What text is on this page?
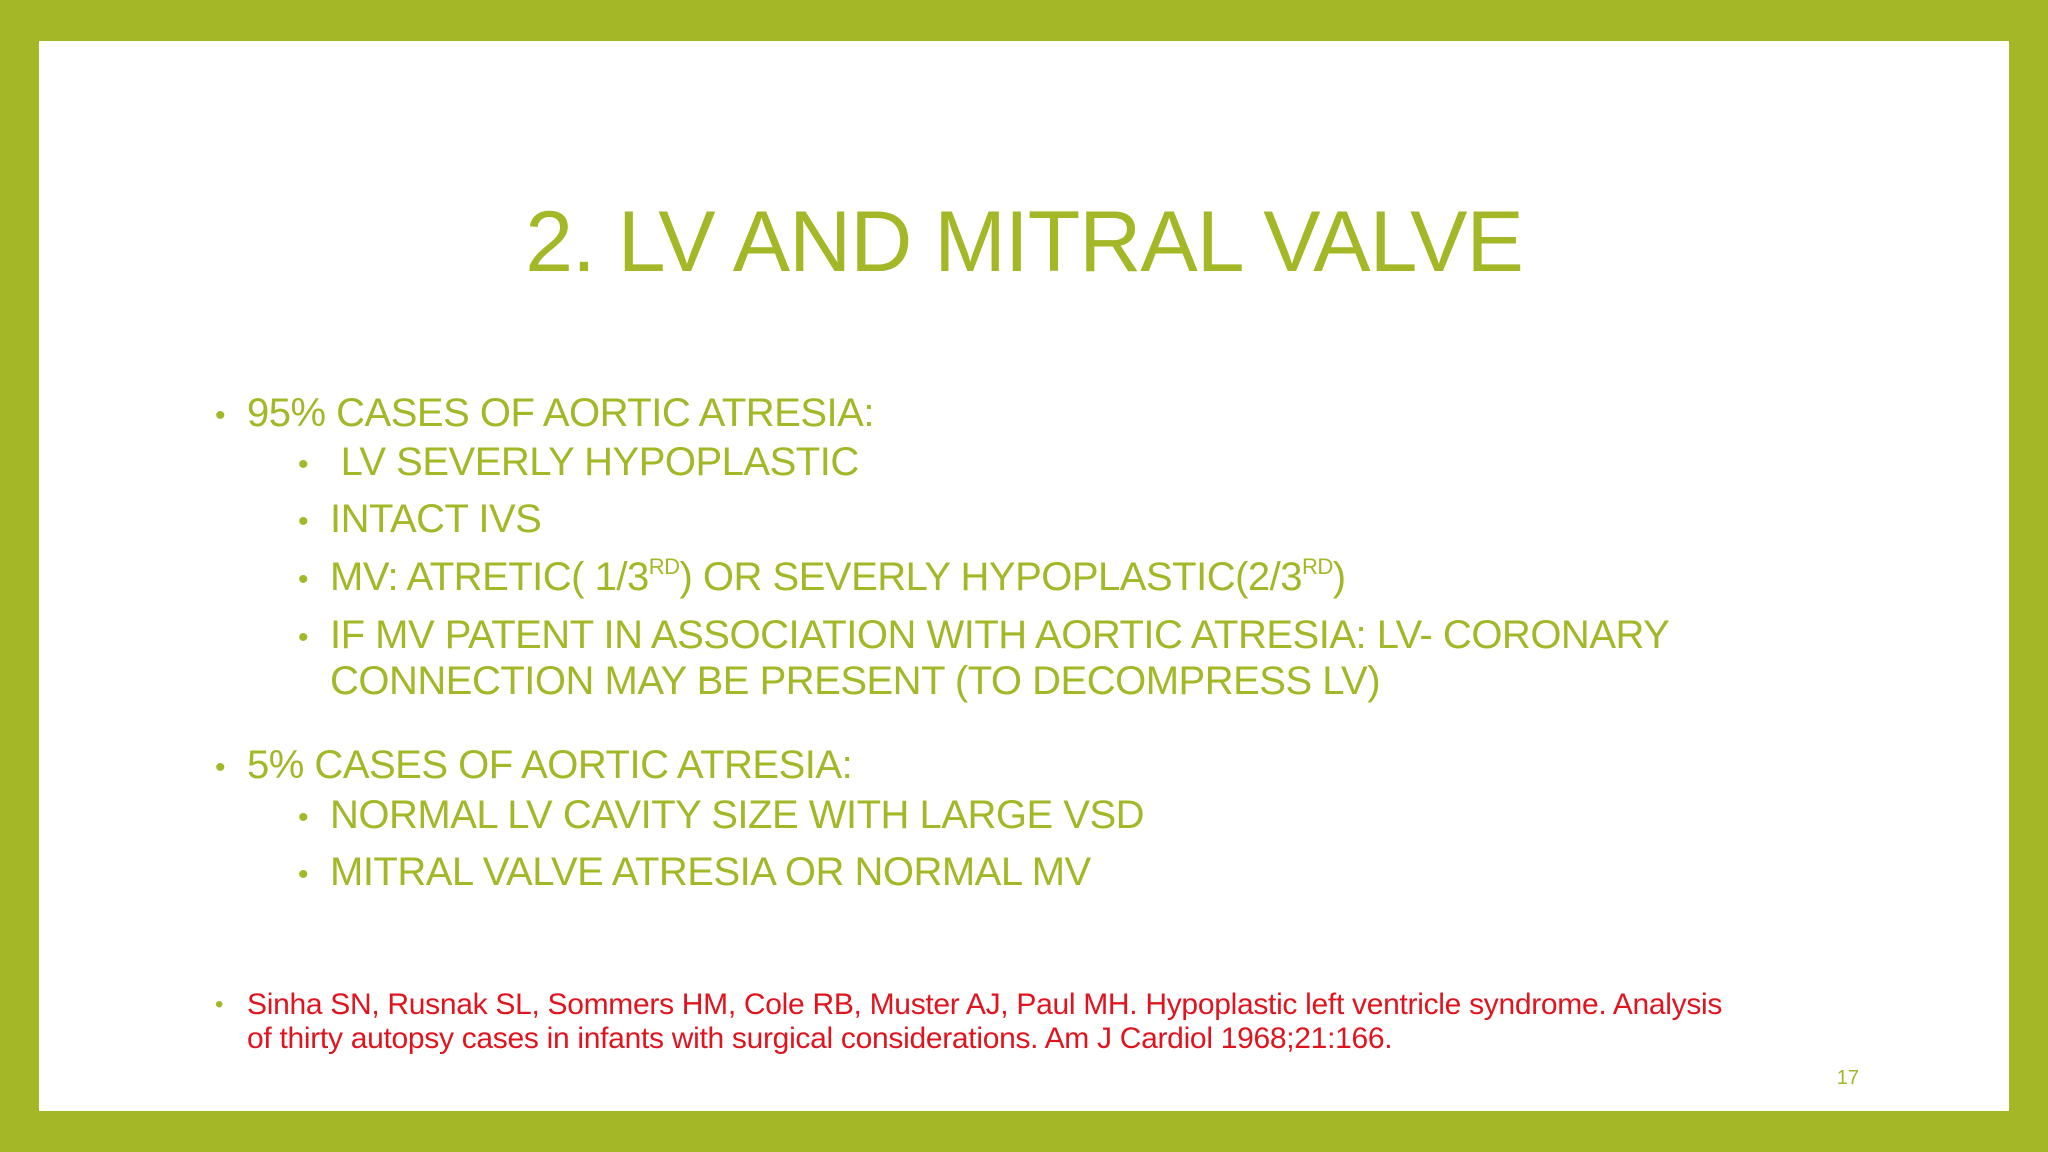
2. LV AND MITRAL VALVE
• 95% CASES OF AORTIC ATRESIA:
• LV SEVERLY HYPOPLASTIC
• INTACT IVS
• MV: ATRETIC( 1/3RD) OR SEVERLY HYPOPLASTIC(2/3RD)
• IF MV PATENT IN ASSOCIATION WITH AORTIC ATRESIA: LV- CORONARY
CONNECTION MAY BE PRESENT (TO DECOMPRESS LV)
• 5% CASES OF AORTIC ATRESIA:
• NORMAL LV CAVITY SIZE WITH LARGE VSD
• MITRAL VALVE ATRESIA OR NORMAL MV
• Sinha SN, Rusnak SL, Sommers HM, Cole RB, Muster AJ, Paul MH. Hypoplastic left ventricle syndrome. Analysis
of thirty autopsy cases in infants with surgical considerations. Am J Cardiol 1968;21:166.
17
